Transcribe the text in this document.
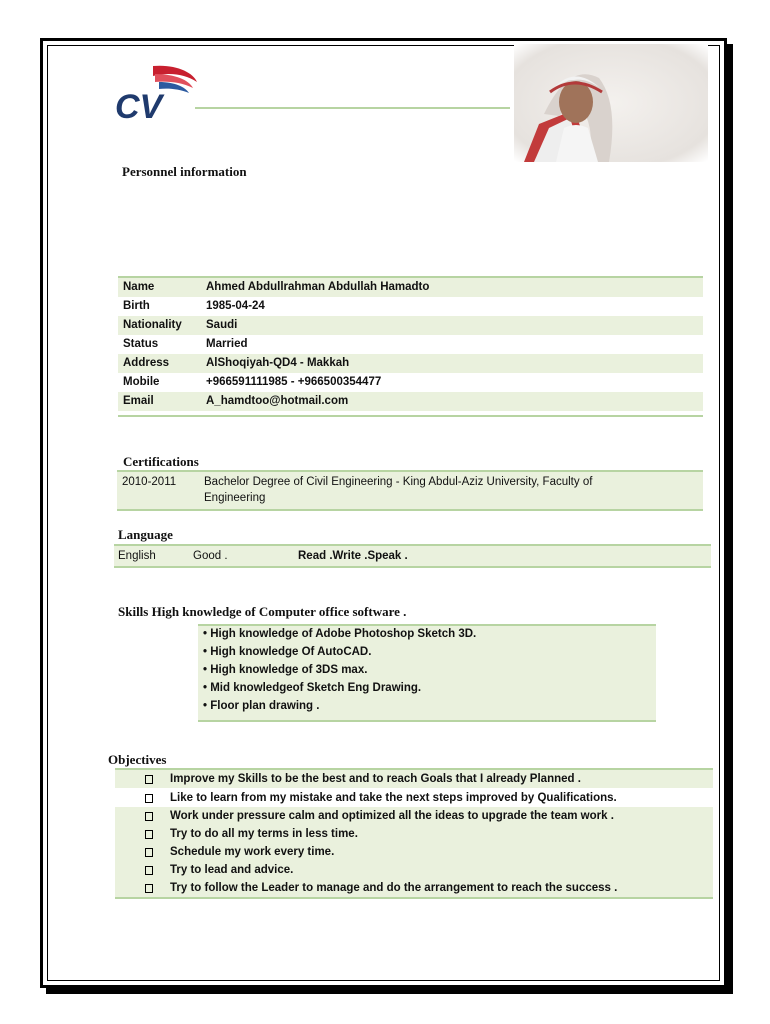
CV
Personnel information
Name	Ahmed Abdullrahman Abdullah Hamadto
Birth	1985-04-24
Nationality Saudi
Status	Married
Address	AlShoqiyah-QD4 - Makkah
Mobile	+966591111985 - +966500354477
Email	A_hamdtoo@hotmail.com
Certifications
2010-2011 Bachelor Degree of Civil Engineering - King Abdul-Aziz University, Faculty of
Engineering
Language
English	Good .	Read .Write .Speak .
Skills High knowledge of Computer office software .
• High knowledge of Adobe Photoshop Sketch 3D.
• High knowledge Of AutoCAD.
• High knowledge of 3DS max.
• Mid knowledgeof Sketch Eng Drawing.
• Floor plan drawing .
Objectives
Improve my Skills to be the best and to reach Goals that I already Planned .
Like to learn from my mistake and take the next steps improved by Qualifications.
Work under pressure calm and optimized all the ideas to upgrade the team work .
Try to do all my terms in less time.
Schedule my work every time.
Try to lead and advice.
Try to follow the Leader to manage and do the arrangement to reach the success .
